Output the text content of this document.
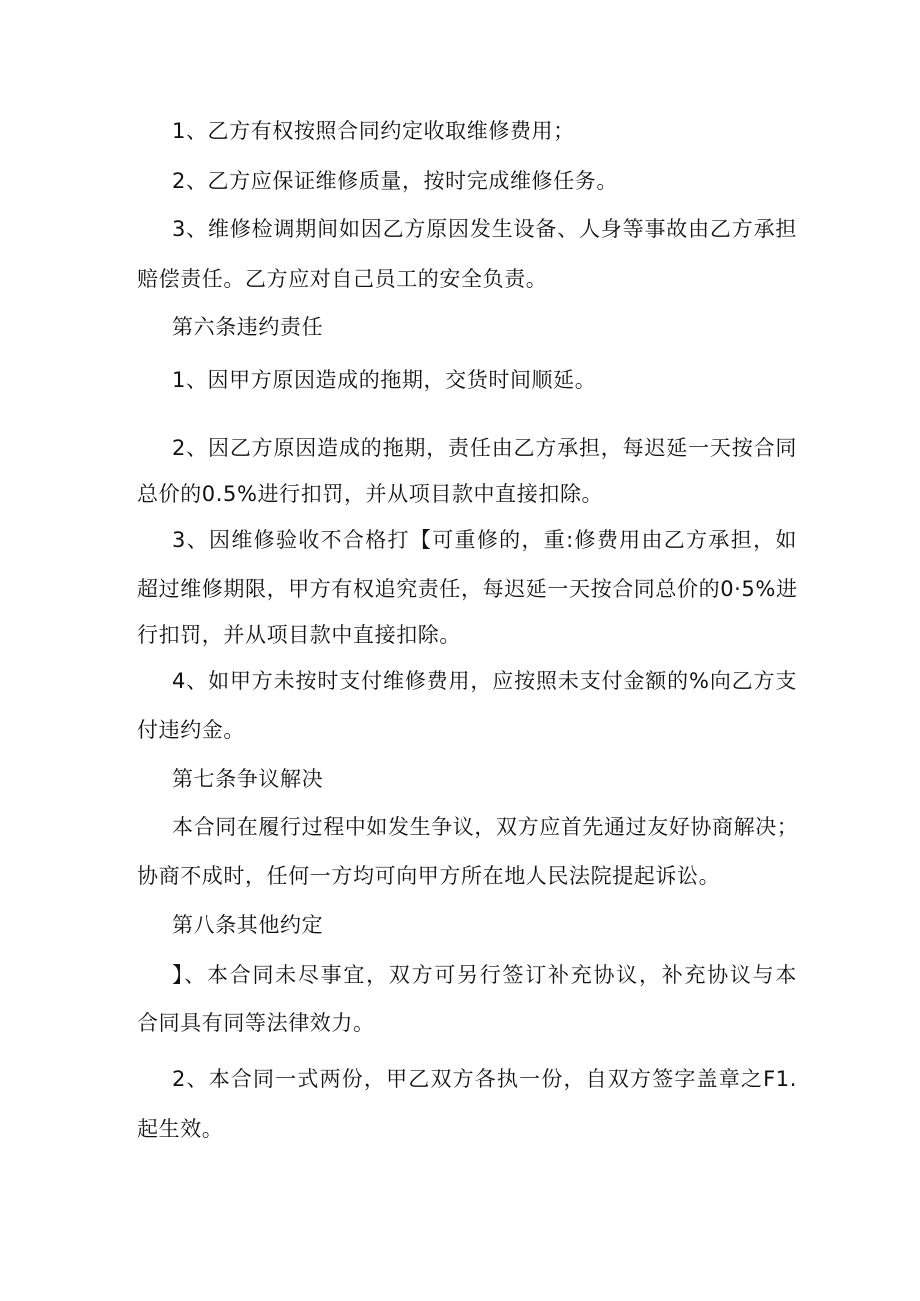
1、乙方有权按照合同约定收取维修费用；
2、乙方应保证维修质量，按时完成维修任务。
3、维修检调期间如因乙方原因发生设备、人身等事故由乙方承担
赔偿责任。乙方应对自己员工的安全负责。
第六条违约责任
1、因甲方原因造成的拖期，交货时间顺延。
2、因乙方原因造成的拖期，责任由乙方承担，每迟延一天按合同
总价的0.5%进行扣罚，并从项目款中直接扣除。
3、因维修验收不合格打【可重修的，重:修费用由乙方承担，如
超过维修期限，甲方有权追究责任，每迟延一天按合同总价的0·5%进
行扣罚，并从项目款中直接扣除。
4、如甲方未按时支付维修费用，应按照未支付金额的%向乙方支
付违约金。
第七条争议解决
本合同在履行过程中如发生争议，双方应首先通过友好协商解决；
协商不成时，任何一方均可向甲方所在地人民法院提起诉讼。
第八条其他约定
】、本合同未尽事宜，双方可另行签订补充协议，补充协议与本
合同具有同等法律效力。
2、本合同一式两份，甲乙双方各执一份，自双方签字盖章之F1.
起生效。
